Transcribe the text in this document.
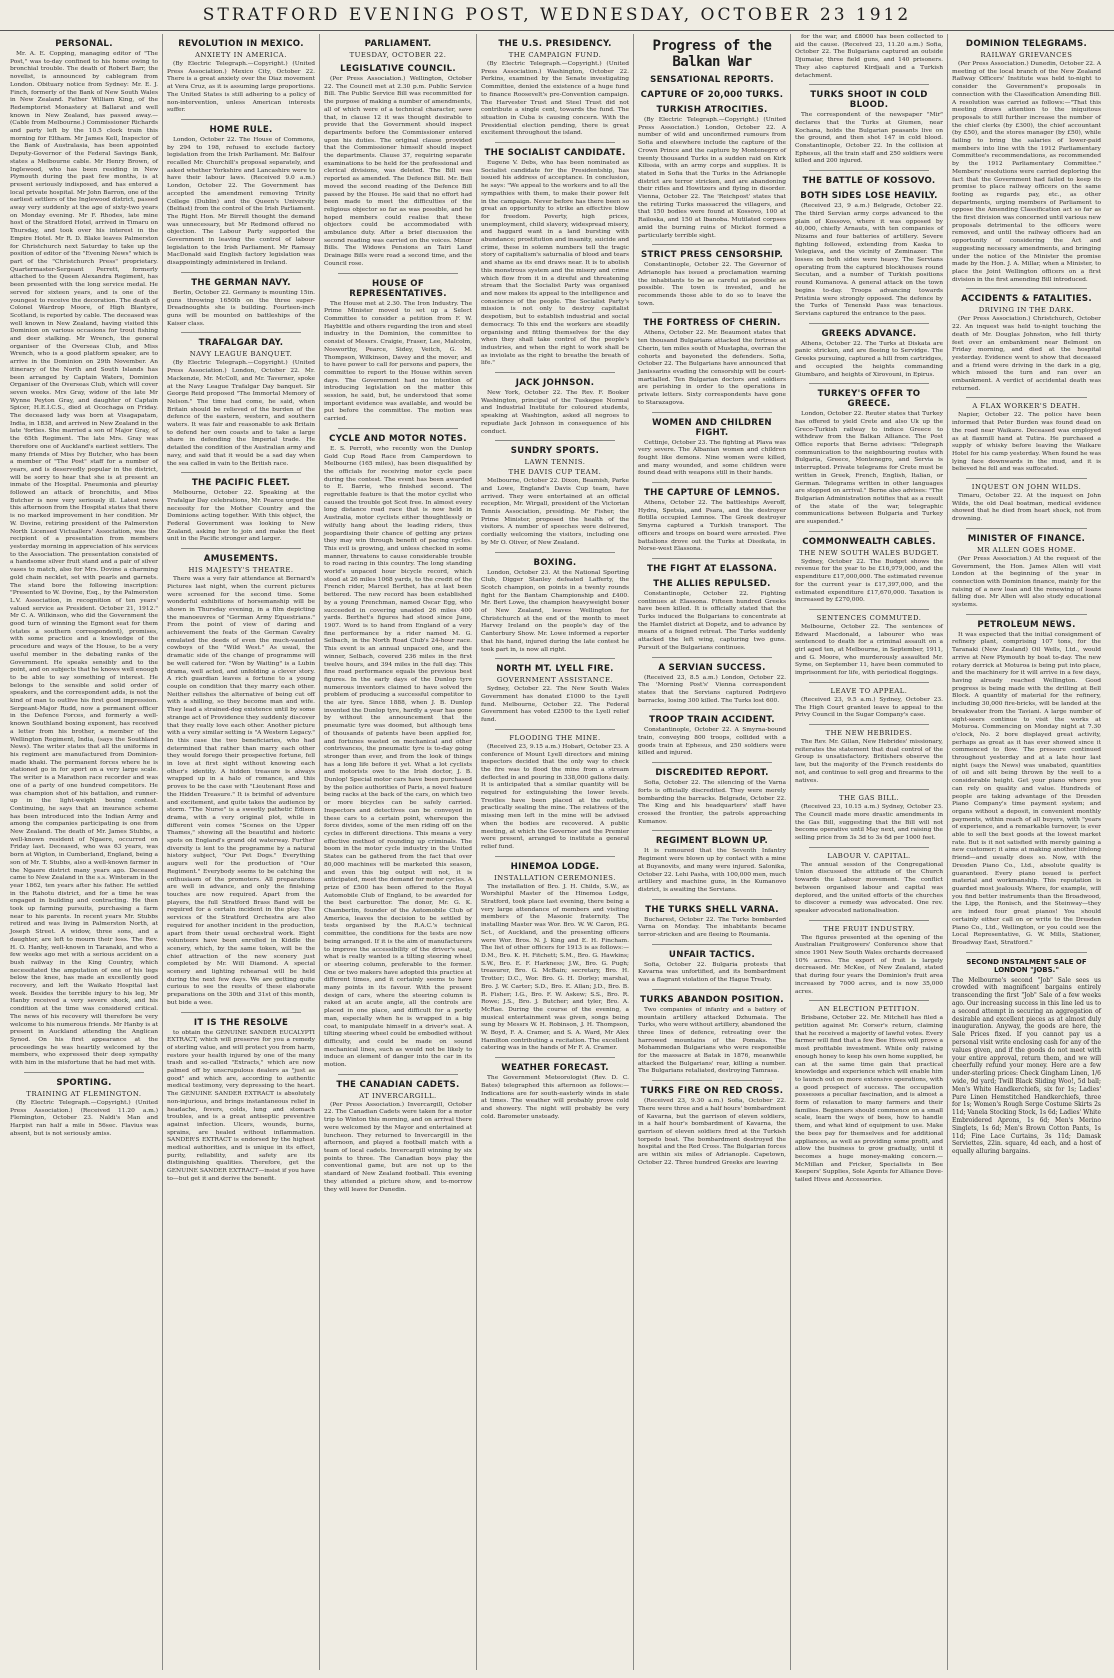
STRATFORD EVENING POST, WEDNESDAY, OCTOBER 23 1912
PERSONAL.

Mr. A. E. Copping, managing editor of "The Post," was to-day confined to his home owing to bronchial trouble. The death of Robert Barr, the novelist, is announced by cablegram from London. Obituary notice from Sydney: Mr. E. J. Finch, formerly of the Bank of New South Wales in New Zealand. Father William King, of the Redemptorist Monastery at Ballarat and well known in New Zealand, has passed away.—(Cable from Melbourne.) Commissioner Richards and party left by the 10.5 clock train this morning for Eltham. Mr James Kell, Inspector of the Bank of Australasia, has been appointed Deputy-Governor of the Federal Savings Bank, states a Melbourne cable. Mr Henry Brown, of Inglewood, who has been residing in New Plymouth during the past few months, is at present seriously indisposed, and has entered a local private hospital. Mr John Barron, one of the earliest settlers of the Inglewood district, passed away very suddenly at the age of sixty-two years on Monday evening. Mr F. Rhodes, late mine host of the Stratford Hotel, arrived in Timaru on Thursday, and took over his interest in the Empire Hotel. Mr R. D. Blake leaves Palmerston for Christchurch next Saturday to take up the position of editor of the "Evening News" which is part of the "Christchurch Press" proprietary. Quartermaster-Sergeant Perrett, formerly attached to the Queen Alexandra Regiment, has been presented with the long service medal. He served for sixteen years, and is one of the youngest to receive the decoration. The death of Colonel Wardrop Moore, of High Blantyre, Scotland, is reported by cable. The deceased was well known in New Zealand, having visited this Dominion on various occasions for trout fishing and deer stalking. Mr Wrench, the general organiser of the Overseas Club, and Miss Wrench, who is a good platform speaker, are to arrive in the Dominion on 29th November. An itinerary of the North and South Islands has been arranged by Captain Waters, Dominion Organiser of the Overseas Club, which will cover seven weeks. Mrs Gray, widow of the late Mr Wynne Peyton Gray, and daughter of Captain Spicer, H.E.I.C.S., died at Ocochaga on Friday. The deceased lady was born at Visagapatam, India, in 1838, and arrived in New Zealand in the late 'forties. She married a son of Major Gray, of the 65th Regiment. The late Mrs. Gray was therefore one of Auckland's earliest settlers. The many friends of Miss Ivy Butcher, who has been a member of "The Post" staff for a number of years, and is deservedly popular in the district, will be sorry to hear that she is at present an inmate of the Hospital. Pneumonia and pleurisy followed an attack of bronchitis, and Miss Butcher is now very seriously ill. Latest news this afternoon from the Hospital states that there is no marked improvement in her condition. Mr W. Dovine, retiring president of the Palmerston North Licensed Victuallers' Association, was the recipient of a presentation from members yesterday morning in appreciation of his services to the Association. The presentation consisted of a handsome silver fruit stand and a pair of silver vases to match, also for Mrs. Dovine a charming gold chain necklet, set with pearls and garnets. The stand bore the following inscription: "Presented to W. Dovine, Esq., by the Palmerston L.V. Association, in recognition of ten years' valued service as President. October 21, 1912." Mr C. A. Wilkinson, who did the Government the good turn of winning the Egmont seat for them (states a southern correspondent), promises, with some practice and a knowledge of the procedure and ways of the House, to be a very useful member in the debating ranks of the Government. He speaks sensibly and to the point, and on subjects that he knows well enough to be able to say something of interest. He belongs to the sensible and solid order of speakers, and the correspondent adds, is not the kind of man to outlive his first good impression. Sergeant-Major Rudd, now a permanent officer in the Defence Forces, and formerly a well-known Southland boxing exponent, has received a letter from his brother, a member of the Wellington Regiment, India, (says the Southland News). The writer states that all the uniforms in his regiment are manufactured from Dominion-made khaki. The permanent forces where he is stationed go in for sport on a very large scale. The writer is a Marathon race recorder and was one of a party of one hundred competitors. He was champion shot of his battalion, and runner-up in the light-weight boxing contest. Continuing, he says that an insurance scheme has been introduced into the Indian Army and among the companies participating is one from New Zealand. The death of Mr. James Stubbs, a well-known resident of Ngaere, occurred on Friday last. Deceased, who was 63 years, was born at Wigton, in Cumberland, England, being a son of Mr. T. Stubbs, also a well-known farmer in the Ngaere district many years ago. Deceased came to New Zealand in the s.s. Winteram in the year 1862, ten years after his father. He settled in the Rahotu district, and for a time he was engaged in building and contracting. He then took up farming pursuits, purchasing a farm near to his parents. In recent years Mr. Stubbs retired and was living in Palmerston North, at Joseph Street. A widow, three sons, and a daughter, are left to mourn their loss. The Rev. H. O. Hanby, well-known in Taranaki, and who a few weeks ago met with a serious accident on a bush railway in the King Country, which necessitated the amputation of one of his legs below the knee, has made an excellently good recovery, and left the Waikato Hospital last week. Besides the terrible injury to his leg, Mr Hanby received a very severe shock, and his condition at the time was considered critical. The news of his recovery will therefore be very welcome to his numerous friends. Mr Hanby is at present in Auckland attending the Anglican Synod. On his first appearance at the proceedings he was heartily welcomed by the members, who expressed their deep sympathy with him in the misfortune that he had met with.

SPORTING.
TRAINING AT FLEMINGTON.

(By Electric Telegraph.—Copyright.) (United Press Association.) (Received 11.20 a.m.) Flemington, October 23. Naldi's Man and Harpist ran half a mile in 56sec. Flavius was absent, but is not seriously amiss.

REVOLUTION IN MEXICO.
ANXIETY IN AMERICA.

(By Electric Telegraph.—Copyright.) (United Press Association.) Mexico City, October 22. There is a great anxiety over the Diaz movement at Vera Cruz, as it is assuming large proportions. The United States is still adhering to a policy of non-intervention, unless American interests suffer.

HOME RULE.

London, October 22. The House of Commons, by 294 to 198, refused to exclude factory legislation from the Irish Parliament. Mr. Balfour recalled Mr. Churchill's proposal separately, and asked whether Yorkshire and Lancashire were to have their labour laws. (Received 9.0 a.m.) London, October 22. The Government has accepted the amendment removing Trinity College (Dublin) and the Queen's University (Belfast) from the control of the Irish Parliament. The Right Hon. Mr Birrell thought the demand was unnecessary, but Mr Redmond offered no objection. The Labour Party supported the Government in leaving the control of labour legislation to the Irish Parliament. Mr Ramsay MacDonald said English factory legislation was disappointingly administered in Ireland.

THE GERMAN NAVY.

Berlin, October 22. Germany is mounting 15in. guns throwing 1650lb on the three super-Dreadnoughts she is building. Fourteen-inch guns will be mounted on battleships of the Kaiser class.

TRAFALGAR DAY.
NAVY LEAGUE BANQUET.

(By Electric Telegraph.—Copyright.) (United Press Association.) London, October 22. Mr. Mackenzie, Mr. McColl, and Mr. Taverner, spoke at the Navy League Trafalgar Day banquet. Sir George Reid proposed "The Immortal Memory of Nelson." The time had come, he said, when Britain should be relieved of the burden of the defence of the eastern, western, and southern waters. It was fair and reasonable to ask Britain to defend her own coasts and to take a large share in defending the Imperial trade. He detailed the condition of the Australian army and navy, and said that it would be a sad day when the sea called in vain to the British race.

THE PACIFIC FLEET.

Melbourne, October 22. Speaking at the Trafalgar Day celebrations, Mr. Pearce urged the necessity for the Mother Country and the Dominions acting together. With this object, the Federal Government was looking to New Zealand, asking her to join and make the fleet unit in the Pacific stronger and larger.

AMUSEMENTS.
HIS MAJESTY'S THEATRE.

There was a very fair attendance at Bernard's Pictures last night, when the current pictures were screened for the second time. Some wonderful exhibitions of horsemanship will be shown in Thursday evening, in a film depicting the manoeuvres of "German Army Equestrians." From the point of view of daring and achievement the feats of the German Cavalry emulated the deeds of even the much-vaunted cowboys of the "Wild West." As usual, the dramatic side of the change of programme will be well catered for. "Won by Waiting" is a Lubin drama, well acted, and unfolding a clever story. A rich guardian leaves a fortune to a young couple on condition that they marry each other. Neither relishes the alternative of being cut off with a shilling, so they become man and wife. They lead a strained-dog existence until by some strange act of Providence they suddenly discover that they really love each other. Another picture with a very similar setting is "A Western Legacy." In this case the two beneficiaries, who had determined that rather than marry each other they would forego their prospective fortune, fell in love at first sight without knowing each other's identity. A hidden treasure is always wrapped up in a halo of romance, and this proves to be the case with "Lieutenant Rose and the Hidden Treasure." It is brimful of adventure and excitement, and quite takes the audience by storm. "The Nurse" is a sweetly pathetic Edison drama, with a very original plot, while in different vein comes "Scenes on the Upper Thames," showing all the beautiful and historic spots on England's grand old waterway. Further diversity is lent to the programme by a natural history subject, "Our Pet Dogs." Everything augurs well for the production of "Our Regiment." Everybody seems to be catching the enthusiasm of the promoters. All preparations are well in advance, and only the finishing touches are now required. Apart from the players, the full Stratford Brass Band will be required for a certain incident in the play. The services of the Stratford Orchestra are also required for another incident in the production, apart from their usual orchestral work. Eight volunteers have been enrolled in Kiddle the scenery, which, by the same token, will be the chief attraction of the new scenery just completed by Mr. Will Diamond. A special scenery and lighting rehearsal will be held during the next few days. We are getting quite curious to see the results of these elaborate preparations on the 30th and 31st of this month, but bide a wee.

IT IS THE RESOLVE

to obtain the GENUINE SANDER EUCALYPTI EXTRACT, which will preserve for you a remedy of sterling value, and will protect you from harm, restore your health injured by one of the many trash and so-called "Extracts," which are now palmed off by unscrupulous dealers as "just as good" and which are, according to authentic medical testimony, very depressing to the heart. The GENUINE SANDER EXTRACT is absolutely non-injurious, and brings instantaneous relief in headache, fevers, colds, lung and stomach troubles, and is a great antiseptic preventive against infection. Ulcers, wounds, burns, sprains, are healed without inflammation. SANDER'S EXTRACT is endorsed by the highest medical authorities, and is unique in its effect, purity, reliability, and safety are its distinguishing qualities. Therefore, get the GENUINE SANDER EXTRACT—insist if you have to—but get it and derive the benefit.

PARLIAMENT.
TUESDAY, OCTOBER 22.
LEGISLATIVE COUNCIL.

(Per Press Association.) Wellington, October 22. The Council met at 2.30 p.m. Public Service Bill. The Public Service Bill was recommitted for the purpose of making a number of amendments, all of which were of a technical character, save that, in clause 12 it was thought desirable to provide that the Government should inspect departments before the Commissioner entered upon his duties. The original clause provided that the Commissioner himself should inspect the departments. Clause 37, requiring separate examinations to be held for the professional and clerical divisions, was deleted. The Bill was reported as amended. The Defence Bill. Mr. Bell moved the second reading of the Defence Bill passed by the House. He said that no effort had been made to meet the difficulties of the religious objector so far as was possible, and he hoped members could realise that these objectors could be accommodated with ambulance duty. After a brief discussion the second reading was carried on the voices. Minor Bills. The Widows Pensions an Tairi Land Drainage Bills were read a second time, and the Council rose.

HOUSE OF REPRESENTATIVES.

The House met at 2.30. The Iron Industry. The Prime Minister moved to set up a Select Committee to consider a petition from F. W. Haybittle and others regarding the iron and steel industry in the Dominion, the committee to consist of Messrs. Craigie, Fraser, Lee, Malcolm, Nosworthy, Pearce, Sidey, Veitch, G. M. Thompson, Wilkinson, Davey and the mover, and to have power to call for persons and papers, the committee to report to the House within seven days. The Government had no intention of introducing legislation on the matter this session, he said, but, he understood that some important evidence was available, and would be put before the committee. The motion was carried.

CYCLE AND MOTOR NOTES.

E. S. Perrott, who recently won the Dunlop Gold Cup Road Race from Camperdown to Melbourne (165 miles), has been disqualified by the officials for receiving motor cycle pace during the contest. The event has been awarded to E. Barrie, who finished second. The regrettable feature is that the motor cyclist who caused the trouble got Scot free. In almost every long distance road race that is now held in Australia, motor cyclists either thoughtlessly or wilfully hang about the leading riders, thus jeopardising their chance of getting any prizes they may win through benefit of pacing cycles. This evil is growing, and unless checked in some manner, threatens to cause considerable trouble to road racing in this country. The long standing world's unpaced hour bicycle record, which stood at 26 miles 1068 yards, to the credit of the French rider, Marcel Berthet, has at last been bettered. The new record has been established by a young Frenchman, named Oscar Egg, who succeeded in covering unaided 26 miles 400 yards. Berthet's figures had stood since June, 1907. Word is to hand from England of a very fine performance by a rider named M. G. Selbach, in the North Road Club's 24-hour race. This event is an annual unpaced one, and the winner, Selbach, covered 236 miles in the first twelve hours, and 394 miles in the full day. This fine road performance equals the previous best figures. In the early days of the Dunlop tyre numerous inventors claimed to have solved the problem of producing a successful competitor to the air tyre. Since 1888, when J. B. Dunlop invented the Dunlop tyre, hardly a year has gone by without the announcement that the pneumatic tyre was doomed, but although tens of thousands of patents have been applied for, and fortunes wasted on mechanical and other contrivances, the pneumatic tyre is to-day going stronger than ever, and from the look of things has a long life before it yet. What a lot cyclists and motorists owe to the Irish doctor, J. B. Dunlop! Special motor cars have been purchased by the police authorities of Paris, a novel feature being racks at the back of the cars, on which two or more bicycles can be safely carried. Inspectors and detectives can be conveyed in these cars to a certain point, whereupon the force divides, some of the men riding off on the cycles in different directions. This means a very effective method of rounding up criminals. The boom in the motor cycle industry in the United States can be gathered from the fact that over 80,000 machines will be marketed this season, and even this big output will not, it is anticipated, meet the demand for motor cycles. A prize of £500 has been offered to the Royal Automobile Club of England, to be awarded for the best carburettor. The donor, Mr. G. K. Chamberlin, founder of the Automobile Club of America, leaves the decision to be settled by tests organised by the R.A.C.'s technical committee, the conditions for the tests are now being arranged. If it is the aim of manufacturers to improve the accessibility of the driver's seat, what is really wanted is a tilting steering wheel or steering column, preferable to the former. One or two makers have adopted this practice at different times, and it certainly seems to have many points in its favour. With the present design of cars, where the steering column is raked at an acute angle, all the controls are placed in one place, and difficult for a portly man, especially when he is wrapped in a big coat, to manipulate himself in a driver's seat. A tilting steering wheel could be embodied without difficulty, and could be made on sound mechanical lines, such as would not be likely to induce an element of danger into the car in its motion.

THE CANADIAN CADETS.
AT INVERCARGILL.

(Per Press Association.) Invercargill, October 22. The Canadian Cadets were taken for a motor trip to Winton this morning, and on arrival there were welcomed by the Mayor and entertained at luncheon. They returned to Invercargill in the afternoon, and played a football match with a team of local cadets. Invercargill winning by six points to three. The Canadian boys play the conventional game, but are not up to the standard of New Zealand football. This evening they attended a picture show, and to-morrow they will leave for Dunedin.

THE U.S. PRESIDENCY.
THE CAMPAIGN FUND.

(By Electric Telegraph.—Copyright.) (United Press Association.) Washington, October 22. Perkins, examined by the Senate investigating Committee, denied the existence of a huge fund to finance Roosevelt's pre-Convention campaign. The Harvester Trust and Steel Trust did not contribute a single cent, towards the fund. The situation in Cuba is causing concern. With the Presidential election pending, there is great excitement throughout the island.

THE SOCIALIST CANDIDATE.

Eugene V. Debs, who has been nominated as Socialist candidate for the Presidentship, has issued his address of acceptance. In conclusion, he says: "We appeal to the workers and to all the sympathies with them, to make their power felt in the campaign. Never before has there been so great an opportunity to strike an effective blow for freedom. Poverty, high prices, unemployment, child slavery, widespread misery, and haggard want in a land bursting with abundance; prostitution and insanity, suicide and crime, these in solemn numbers tell the tragic story of capitalism's saturnalia of blood and tears and shame as its end draws near. It is to abolish this monstrous system and the misery and crime which flow from it in a direful and threatening stream that the Socialist Party was organised and now makes its appeal to the intelligence and conscience of the people. The Socialist Party's mission is not only to destroy capitalist despotism, but to establish industrial and social democracy. To this end the workers are steadily organising and fitting themselves for the day when they shall take control of the people's industries, and when the right to work shall be as inviolate as the right to breathe the breath of life."

JACK JOHNSON.

New York, October 22. The Rev. F. Booker Washington, principal of the Tuskegee Normal and Industrial Institute for coloured students, speaking at Washington, asked all negroes to repudiate Jack Johnson in consequence of his conduct.

SUNDRY SPORTS.
LAWN TENNIS.
THE DAVIS CUP TEAM.

Melbourne, October 22. Dixon, Beamish, Parke and Lowe, England's Davis Cup team, have arrived. They were entertained at an official reception, Mr. Wirgall, president of the Victorian Tennis Association, presiding. Mr Fisher, the Prime Minister, proposed the health of the visitors. A number of speeches were delivered, cordially welcoming the visitors, including one by Mr O. Oliver, of New Zealand.

BOXING.

London, October 23. At the National Sporting Club, Digger Stanley defeated Lafferty, the Scotch champion, on points in a twenty rounds fight for the Bantam Championship and £400. Mr. Bert Lowe, the champion heavyweight boxer of New Zealand, leaves Wellington for Christchurch at the end of the month to meet Harvey Ireland on the people's day of the Canterbury Show. Mr. Lowe informed a reporter that his hand, injured during the late contest he took part in, is now all right.

NORTH MT. LYELL FIRE.
GOVERNMENT ASSISTANCE.

Sydney, October 22. The New South Wales Government has donated £1000 to the Lyell fund. Melbourne, October 22. The Federal Government has voted £2500 to the Lyell relief fund.

FLOODING THE MINE.

(Received 23, 9.15 a.m.) Hobart, October 23. A conference of Mount Lyell directors and mining inspectors decided that the only way to check the fire was to flood the mine from a stream deflected in and pouring in 338,000 gallons daily. It is anticipated that a similar quantity will be required for extinguishing the lower levels. Trestles have been placed at the outlets, practically sealing the mine. The relatives of the missing men left in the mine will be advised when the bodies are recovered. A public meeting, at which the Governor and the Premier were present, arranged to institute a general relief fund.

HINEMOA LODGE.
INSTALLATION CEREMONIES.

The installation of Bro. J. H. Childs, S.W., as Worshipful Master of the Hinemoa Lodge, Stratford, took place last evening, there being a very large attendance of members and visiting members of the Masonic fraternity. The installing Master was Wor. Bro. W. W. Caron, P.G. Sct., of Auckland, and the presenting officers were Wor. Bros. N. J. King and E. H. Fincham. The list of other officers for 1913 is as follows:—D.M., Bro. K. H. Fitchett; S.M., Bro. G. Hawkins; S.W., Bro. E. F. Harkness; J.W., Bro. G. Pugh; treasurer, Bro. G. McBain; secretary, Bro. H. Trotter; D.C., Wor. Bro. G. H. Dorley; marshal, Bro. J. W. Carter; S.D., Bro. E. Allan; J.D., Bro. B. R. Fisher; I.G., Bro. F. W. Askew; S.S., Bro. R. Rowe; J.S., Bro. J. Butcher; and tyler, Bro. A. McRae. During the course of the evening, a musical entertainment was given, songs being sung by Messrs W. H. Robinson, J. H. Thompson, W. Boyd, F. A. Cramer, and S. A. Ward, Mr Alex Hamilton contributing a recitation. The excellent catering was in the hands of Mr F. A. Cramer.

WEATHER FORECAST.

The Government Meteorologist (Rev. D. C. Bates) telegraphed this afternoon as follows:— Indications are for south-easterly winds in stale at times. The weather will probably prove cold and showery. The night will probably be very cold. Barometer unsteady.

Progress of the Balkan War
SENSATIONAL REPORTS.
CAPTURE OF 20,000 TURKS.
TURKISH ATROCITIES.

(By Electric Telegraph.—Copyright.) (United Press Association.) London, October 22. A number of wild and unconfirmed rumours from Sofia and elsewhere include the capture of the Crown Prince and the capture by Montenegro of twenty thousand Turks in a sudden raid on Kirk Kilissia, with an army corps and supplies. It is stated in Sofia that the Turks in the Adrianople district are terror stricken, and are abandoning their rifles and Howitzers and flying in disorder. Vienna, October 22. The 'Reichpost' states that the retiring Turks massacred the villagers, and that 150 bodies were found at Kossovo, 100 at Railoska, and 150 at Ibanoba. Mutilated corpses amid the burning ruins of Mickot formed a particularly terrible sight.

STRICT PRESS CENSORSHIP.

Constantinople, October 22. The Governor of Adrianople has issued a proclamation warning the inhabitants to be as careful as possible as possible. The town is invested, and he recommends those able to do so to leave the town.

THE FORTRESS OF CHERIN.

Athens, October 22. Mr. Beaumont states that ten thousand Bulgarians attacked the fortress at Cherin, ten miles south of Mustapha, overran the cohorts and bayoneted the defenders. Sofia, October 22. The Bulgarians have announced that Janissarins evading the censorship will be court-martialled. Ten Bulgarian doctors and soldiers are perishing in order to the operations in private letters. Sixty correspondents have gone to Starazagova.

WOMEN AND CHILDREN FIGHT.

Cettinje, October 23. The fighting at Plava was very severe. The Albanian women and children fought like demons. Nine women were killed, and many wounded, and some children were found dead with weapons still in their hands.

THE CAPTURE OF LEMNOS.

Athens, October 22. The battleships Averoff, Hydra, Spetsia, and Psara, and the destroyer flotilla occupied Lemnos. The Greek destroyer Smyrna captured a Turkish transport. The officers and troops on board were arrested. Five battalions drove out the Turks at Dissikata, in Norse-west Elassona.

THE FIGHT AT ELASSONA.
THE ALLIES REPULSED.

Constantinople, October 22. Fighting continues at Elassona. Fifteen hundred Greeks have been killed. It is officially stated that the Turks induced the Bulgarians to concentrate at the Hamlet district at Dopetz, and to advance by means of a feigned retreat. The Turks suddenly attacked the left wing, capturing two guns. Pursuit of the Bulgarians continues.

A SERVIAN SUCCESS.

(Received 23, 8.5 a.m.) London, October 22. The 'Morning Post's' Vienna correspondent states that the Servians captured Podrijevo barracks, losing 300 killed. The Turks lost 600.

TROOP TRAIN ACCIDENT.

Constantinople, October 22. A Smyrna-bound train, conveying 800 troops, collided with a goods train at Ephesus, and 250 soldiers were killed and injured.

DISCREDITED REPORT.

Sofia, October 22. The silencing of the Varna forts is officially discredited. They were merely bombarding the barracks. Belgrade, October 22. The King and his headquarters' staff have crossed the frontier, the patrols approaching Kumanov.

REGIMENT BLOWN UP.

It is rumoured that the Seventh Infantry Regiment were blown up by contact with a mine at Buyanovits, and many were injured. Salonika, October 22. Lehi Pasha, with 100,000 men, much artillery and machine guns, in the Kumanovo district, is awaiting the Servians.

THE TURKS SHELL VARNA.

Bucharest, October 22. The Turks bombarded Varna on Monday. The inhabitants became terror-stricken and are fleeing to Roumania.

UNFAIR TACTICS.

Sofia, October 22. Bulgaria protests that Kavarna was unfortified, and its bombardment was a flagrant violation of the Hague Treaty.

TURKS ABANDON POSITION.

Two companies of infantry and a battery of mountain artillery attacked Dzhumaia. The Turks, who were without artillery, abandoned the three lines of defence, retreating over the harrowed mountains of the Pomaks. The Mohammedan Bulgarians who were responsible for the massacre at Batak in 1876, meanwhile attacked the Bulgarians' rear, killing a number. The Bulgarians retaliated, destroying Tamrasa.

TURKS FIRE ON RED CROSS.

(Received 23, 9.30 a.m.) Sofia, October 22. There were three and a half hours' bombardment of Kavarna, but the garrison of eleven soldiers, in a half hour's bombardment of Kavarna, the garrison of eleven soldiers fired at the Turkish torpedo boat. The bombardment destroyed the hospital and the Red Cross. The Bulgarian forces are within six miles of Adrianople. Capetown, October 22. Three hundred Greeks are leaving

for the war, and £8000 has been collected to aid the cause. (Received 23, 11.20 a.m.) Sofia, October 22. The Bulgarians captured an outside Djumaiar, three field guns, and 140 prisoners. They also captured Kirdjaali and a Turkish detachment.

TURKS SHOOT IN COLD BLOOD.

The correspondent of the newspaper "Mir" declares that the Turks at Giumen, near Kochana, holds the Bulgarian peasants live on the ground, and then shot 147 in cold blood. Constantinople, October 22. In the collision at Ephesus, all the train staff and 250 soldiers were killed and 200 injured.

THE BATTLE OF KOSSOVO.
BOTH SIDES LOSE HEAVILY.

(Received 23, 9 a.m.) Belgrade, October 22. The third Servian army corps advanced to the plain of Kossovo, where it was opposed by 40,000, chiefly Arnauts, with ten companies of Nizams and four batteries of artillery. Severe fighting followed, extending from Kaska to Velegiava, and the vicinity of Zeminazer. The losses on both sides were heavy. The Servians operating from the captured blockhouses round Secutan, and a number of Turkish positions round Kumanova. A general attack on the town begins to-day. Troops advancing towards Pristinia were strongly opposed. The defence by the Turks of Tenenski Pass was tenacious. Servians captured the entrance to the pass.

GREEKS ADVANCE.

Athens, October 22. The Turks at Diskata are panic stricken, and are fleeing to Servidge. The Greeks pursuing, captured a hill from cartridges, and occupied the heights commanding Giumbaro, and heights of Xirovouni, in Epirus.

TURKEY'S OFFER TO GREECE.

London, October 22. Reuter states that Turkey has offered to yield Crete and also Uk up the Greco-Turkish railway to induce Greece to withdraw from the Balkan Alliance. The Post Office reports that Berne advises: "Telegraph communication to the neighbouring routes with Bulgaria, Greece, Montenegro, and Servia is interrupted. Private telegrams for Crete must be written in Greek, French, English, Italian, or German. Telegrams written in other languages are stopped on arrival." Berne also advises: "The Bulgarian Administration notifies that as a result of the state of the war, telegraphic communications between Bulgaria and Turkey are suspended."

COMMONWEALTH CABLES.
THE NEW SOUTH WALES BUDGET.

Sydney, October 22. The Budget shows the revenue for the year to be £16,979,000, and the expenditure £17,000,000. The estimated revenue for the current year is £17,397,000, and the estimated expenditure £17,670,000. Taxation is increased by £270,000.

SENTENCES COMMUTED.

Melbourne, October 22. The sentences of Edward Macdonald, a labourer who was sentenced to death for a criminal assault on a girl aged ten, at Melbourne, in September, 1911, and G. Moore, who murderously assaulted Mr. Syme, on September 11, have been commuted to imprisonment for life, with periodical floggings.

LEAVE TO APPEAL.

(Received 23, 9.5 a.m.) Sydney, October 23. The High Court granted leave to appeal to the Privy Council in the Sugar Company's case.

THE NEW HEBRIDES.

The Rev. Mr. Gillan, New Hebrides' missionary, reiterates the statement that dual control of the Group is unsatisfactory. Britishers observe the law, but the majority of the French residents do not, and continue to sell grog and firearms to the natives.

THE GAS BILL.

(Received 23, 10.15 a.m.) Sydney, October 23. The Council made more drastic amendments in the Gas Bill, suggesting that the Bill will not become operative until May next, and raising the selling price from 3s 3d to 3s 6d per 1000 feet.

LABOUR V. CAPITAL.

The annual session of the Congregational Union discussed the attitude of the Church towards the Labour movement. The conflict between organised labour and capital was deplored, and the united efforts of the churches to discover a remedy was advocated. One rev. speaker advocated nationalisation.

THE FRUIT INDUSTRY.

The figures presented at the opening of the Australian Fruitgrowers' Conference show that since 1901 New South Wales orchards decreased 10% acres. The export of fruit is largely decreased. Mr. McKee, of New Zealand, stated that during four years the Dominion's fruit area increased by 7000 acres, and is now 35,000 acres.

AN ELECTION PETITION.

Brisbane, October 22. Mr. Mitchell has filed a petition against Mr. Corser's return, claiming that he received a majority of lawful votes. Every farmer will find that a few Bee Hives will prove a most profitable investment. While only raising enough honey to keep his own home supplied, he can at the same time gain that practical knowledge and experience which will enable him to launch out on more extensive operations, with a good prospect of success. The occupation possesses a peculiar fascination, and is almost a form of relaxation to many farmers and their families. Beginners should commence on a small scale, learn the ways of bees, how to handle them, and what kind of equipment to use. Make the bees pay for themselves and for additional appliances, as well as providing some profit, and allow the business to grow gradually, until it becomes a huge money-making concern.—McMillan and Fricker, Specialists in Bee Keepers' Supplies, Sole Agents for Alliance Dove-tailed Hives and Accessories.

DOMINION TELEGRAMS.
RAILWAY GRIEVANCES

(Per Press Association.) Dunedin, October 22. A meeting of the local branch of the New Zealand Railway Officers' Institute was held to-night to consider the Government's proposals in connection with the Classification Amending Bill. A resolution was carried as follows:—"That this meeting draws attention to the iniquitous proposals to still further increase the number of the chief clerks (by £300), the chief accountant (by £50), and the stores manager (by £50), while failing to bring the salaries of lower-paid members into line with the 1912 Parliamentary Committee's recommendations, as recommended by the 1912 Parliamentary Committee." Members' resolutions were carried deploring the fact that the Government had failed to keep its promise to place railway officers on the same footing as regards pay, etc., as other departments, urging members of Parliament to oppose the Amending Classification act so far as the first division was concerned until various new proposals detrimental to the officers were removed, and until the railway officers had an opportunity of considering the Act and suggesting necessary amendments, and bringing under the notice of the Minister the promise made by the Hon. J. A. Millar, when a Minister, to place the Joint Wellington officers on a first division in the first amending Bill introduced.

ACCIDENTS & FATALITIES.
DRIVING IN THE DARK.

(Per Press Association.) Christchurch, October 22. An inquest was held to-night touching the death of Mr. Douglas Johnston, who fell thirty feet over an embankment near Belmont on Friday morning, and died at the hospital yesterday. Evidence went to show that deceased and a friend were driving in the dark in a gig, which missed the turn and ran over an embankment. A verdict of accidental death was returned.

A FLAX WORKER'S DEATH.

Napier, October 22. The police have been informed that Peter Burden was found dead on the road near Waikare. Deceased was employed as at flaxmill hand at Tutira. He purchased a supply of whisky before leaving the Waikare Hotel for his camp yesterday. When found he was lying face downwards in the mud, and it is believed he fell and was suffocated.

INQUEST ON JOHN WILDS.

Timaru, October 22. At the inquest on John Wilds, the old Deal boatman, medical evidence showed that he died from heart shock, not from drowning.

MINISTER OF FINANCE.
MR ALLEN GOES HOME.

(Per Press Association.) At the request of the Government, the Hon. James Allen will visit London at the beginning of the year in connection with Dominion finance, mainly for the raising of a new loan and the renewing of loans falling due. Mr Allen will also study educational systems.

PETROLEUM NEWS.

It was expected that the initial consignment of refinery plant, comprising 107 tons, for the Taranaki (New Zealand) Oil Wells, Ltd., would arrive at New Plymouth by boat to-day. The new rotary derrick at Moturoa is being put into place, and the machinery for it will arrive in a few days, having already reached Wellington. Good progress is being made with the drilling at Bell Block. A quantity of material for the refinery, including 30,000 fire-bricks, will be landed at the breakwater from the Taviani. A large number of sight-seers continue to visit the works at Moturoa. Commencing on Monday night at 7.30 o'clock, No. 2 bore displayed great activity, perhaps as great as it has ever showed since it commenced to flow. The pressure continued throughout yesterday and at a late hour last night (says the News) was unabated, quantities of oil and silt being thrown by the well to a considerable height. Get your piano where you can rely on quality and value. Hundreds of people are taking advantage of the Dresden Piano Company's time payment system; and organs without a deposit, in convenient monthly payments, within reach of all buyers, with "years of experience, and a remarkable turnover, is ever able to sell the best goods at the lowest market rate. But is it not satisfied with merely gaining a new customer; it aims at making another lifelong friend—and usually does so. Now, with the Dresden Piano Co., Ltd., absolute quality is guaranteed. Every piano issued is perfect material and workmanship. This reputation is guarded most jealously. Where, for example, will you find better instruments than the Broadwood, the Lipp, the Ronisch, and the Steinway—they are indeed four great pianos! You should certainly either call on or write to the Dresden Piano Co., Ltd., Wellington, or you could see the Local Representative, G. W. Mills, Stationer, Broadway East, Stratford."

SECOND INSTALMENT SALE OF LONDON "JOBS."

The Melbourne's second "Job" Sale sees us crowded with magnificent bargains entirely transcending the first "Job" Sale of a few weeks ago. Our increasing success in this line led us to a second attempt in securing an aggregation of desirable and excellent pieces as at almost duly inauguration. Anyway, the goods are here, the Sale Prices fixed. If you cannot pay us a personal visit write enclosing cash for any of the values given, and if the goods do not meet with your entire approval, return them, and we will cheerfully refund your money. Here are a few under-sterling prices: Check Gingham Linen, 1/6 wide, 9d yard; Twill Black Sliding Woo!, 5d ball; Men's White Handkerchiefs, six for 1s; Ladies' Pure Linen Hemstitched Handkerchiefs, three for 1s; Women's Rough Serge Costume Skirts 2s 11d; Vanela Stocking Stock, 1s 6d; Ladies' White Embroidered Aprons, 1s 6d; Men's Merino Singlets, 1s 6d; Men's Brown Cotton Pants, 1s 11d; Fine Lace Curtains, 3s 11d; Damask Serviettes, 22in. square, 4d each, and a host of equally alluring bargains.
